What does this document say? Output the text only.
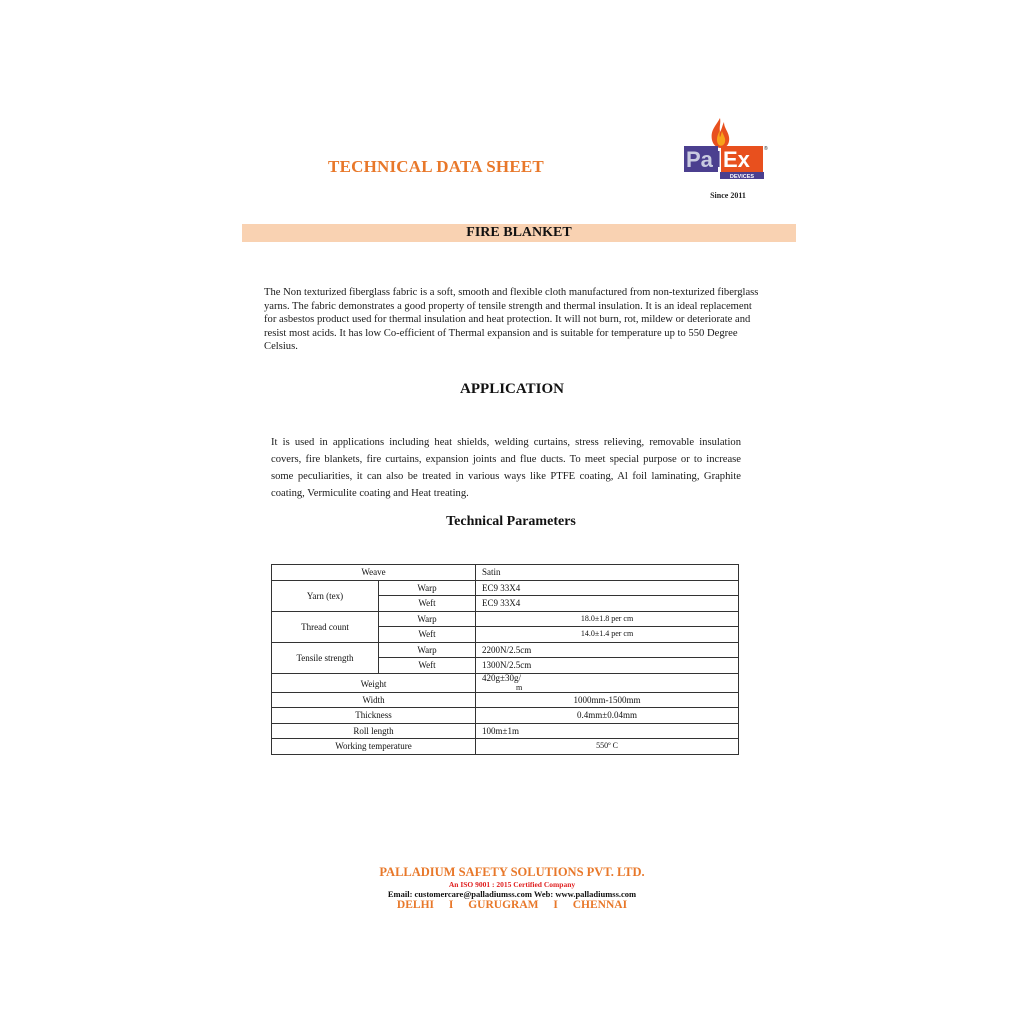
TECHNICAL DATA SHEET	Pa l Ex
DEVICES
®
Since 2011
FIRE BLANKET
The Non texturized fiberglass fabric is a soft, smooth and flexible cloth manufactured from non-texturized fiberglass yarns. The fabric demonstrates a good property of tensile strength and thermal insulation. It is an ideal replacement for asbestos product used for thermal insulation and heat protection. It will not burn, rot, mildew or deteriorate and resist most acids. It has low Co-efficient of Thermal expansion and is suitable for temperature up to 550 Degree Celsius.
APPLICATION
It is used in applications including heat shields, welding curtains, stress relieving, removable insulation covers, fire blankets, fire curtains, expansion joints and flue ducts. To meet special purpose or to increase some peculiarities, it can also be treated in various ways like PTFE coating, Al foil laminating, Graphite coating, Vermiculite coating and Heat treating.
Technical Parameters
Weave		Satin
Yarn (tex)	Warp	EC9 33X4
	Weft	EC9 33X4
Thread count	Warp	18.0±1.8 per cm
	Weft	14.0±1.4 per cm
Tensile strength	Warp	2200N/2.5cm
	Weft	1300N/2.5cm
Weight		420g±30g/
m
Width		1000mm-1500mm
Thickness		0.4mm±0.04mm
Roll length		100m±1m
Working temperature		550º C
PALLADIUM SAFETY SOLUTIONS PVT. LTD.
An ISO 9001 : 2015 Certified Company
Email: customercare@palladiumss.com Web: www.palladiumss.com
DELHI I GURUGRAM I CHENNAI
